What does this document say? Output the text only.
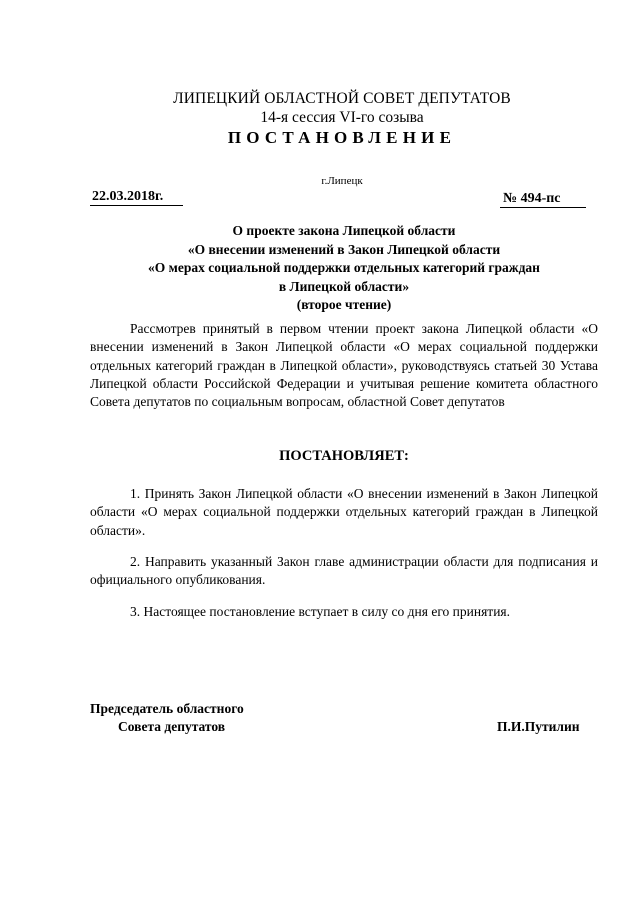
ЛИПЕЦКИЙ ОБЛАСТНОЙ СОВЕТ ДЕПУТАТОВ
14-я сессия VI-го созыва
ПОСТАНОВЛЕНИЕ
г.Липецк
22.03.2018г.	№ 494-пс
О проекте закона Липецкой области
«О внесении изменений в Закон Липецкой области
«О мерах социальной поддержки отдельных категорий граждан
в Липецкой области»
(второе чтение)
Рассмотрев принятый в первом чтении проект закона Липецкой области «О внесении изменений в Закон Липецкой области «О мерах социальной поддержки отдельных категорий граждан в Липецкой области», руководствуясь статьей 30 Устава Липецкой области Российской Федерации и учитывая решение комитета областного Совета депутатов по социальным вопросам, областной Совет депутатов
ПОСТАНОВЛЯЕТ:
1. Принять Закон Липецкой области «О внесении изменений в Закон Липецкой области «О мерах социальной поддержки отдельных категорий граждан в Липецкой области».
2. Направить указанный Закон главе администрации области для подписания и официального опубликования.
3. Настоящее постановление вступает в силу со дня его принятия.
Председатель областного
Совета депутатов	П.И.Путилин
